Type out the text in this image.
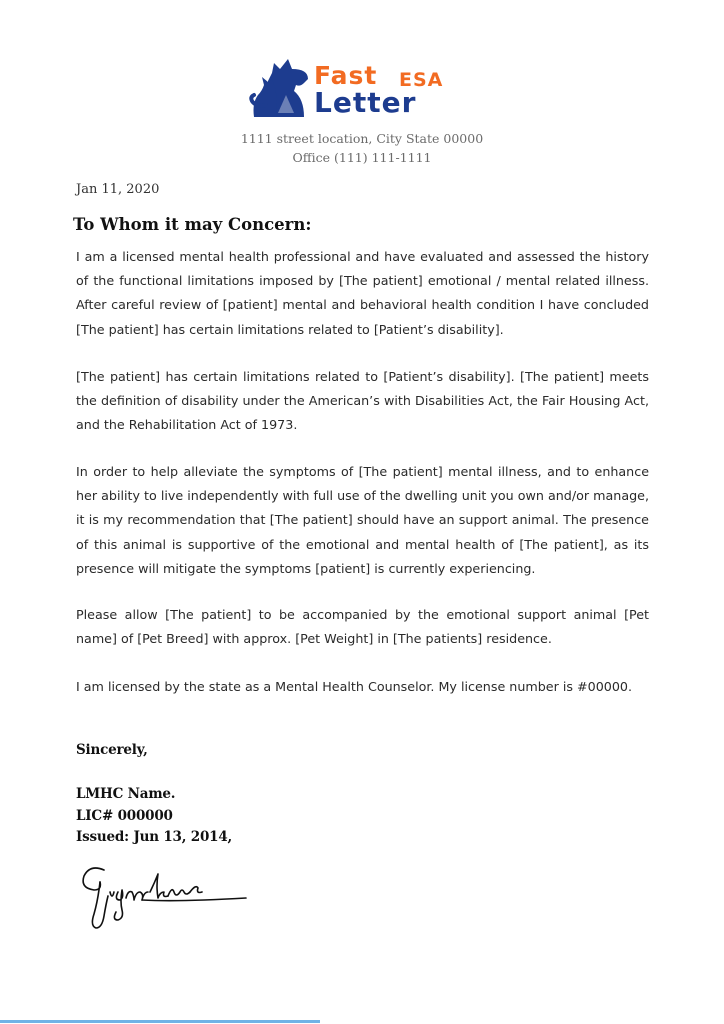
Fast ESA
Letter
1111 street location, City State 00000
Office (111) 111-1111
Jan 11, 2020
To Whom it may Concern:

I am a licensed mental health professional and have evaluated and assessed the history of the functional limitations imposed by [The patient] emotional / mental related illness. After careful review of [patient] mental and behavioral health condition I have concluded [The patient] has certain limitations related to [Patient’s disability].

[The patient] has certain limitations related to [Patient’s disability]. [The patient] meets the definition of disability under the American’s with Disabilities Act, the Fair Housing Act, and the Rehabilitation Act of 1973.

In order to help alleviate the symptoms of [The patient] mental illness, and to enhance her ability to live independently with full use of the dwelling unit you own and/or manage, it is my recommendation that [The patient] should have an support animal. The presence of this animal is supportive of the emotional and mental health of [The patient], as its presence will mitigate the symptoms [patient] is currently experiencing.

Please allow [The patient] to be accompanied by the emotional support animal [Pet name] of [Pet Breed] with approx. [Pet Weight] in [The patients] residence.

I am licensed by the state as a Mental Health Counselor. My license number is #00000.

Sincerely,
LMHC Name.
LIC# 000000
Issued: Jun 13, 2014,
